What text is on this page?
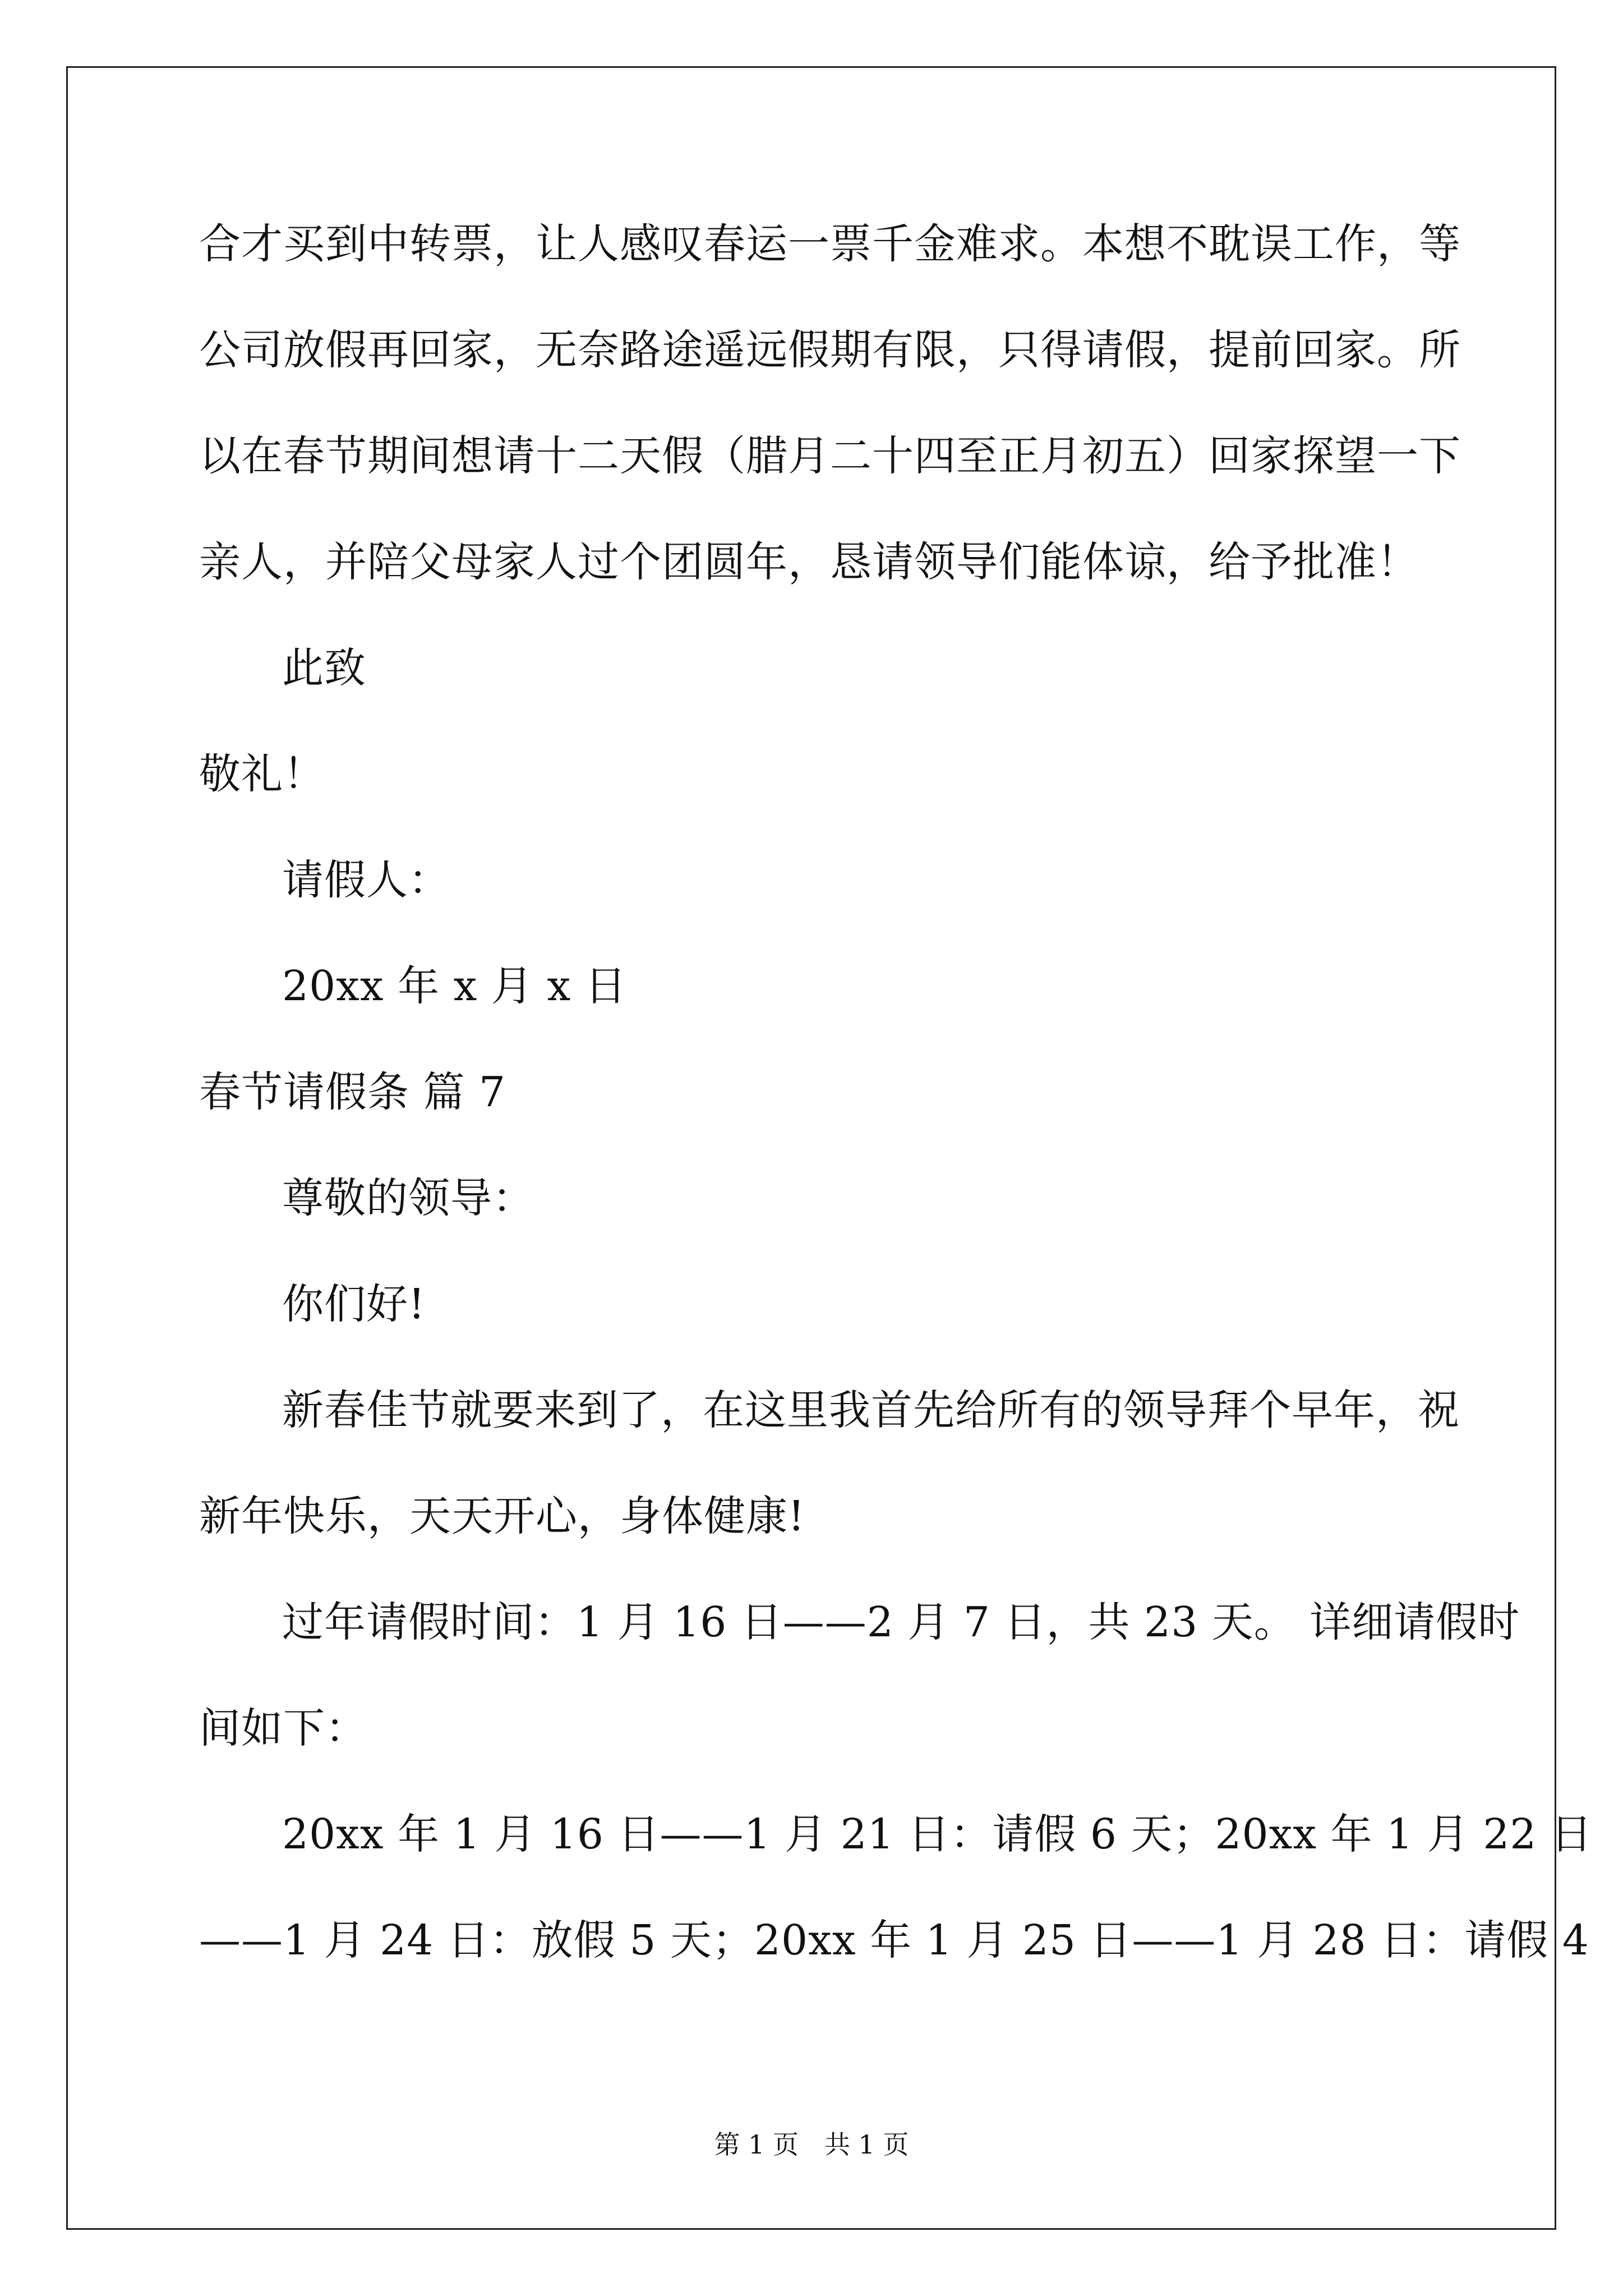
合才买到中转票，让人感叹春运一票千金难求。本想不耽误工作，等
公司放假再回家，无奈路途遥远假期有限，只得请假，提前回家。所
以在春节期间想请十二天假（腊月二十四至正月初五）回家探望一下
亲人，并陪父母家人过个团圆年，恳请领导们能体谅，给予批准！
此致
敬礼！
请假人：
20xx 年 x 月 x 日
春节请假条 篇 7
尊敬的领导：
你们好!
新春佳节就要来到了，在这里我首先给所有的领导拜个早年，祝
新年快乐，天天开心，身体健康!
过年请假时间：1 月 16 日——2 月 7 日，共 23 天。 详细请假时
间如下：
20xx 年 1 月 16 日——1 月 21 日：请假 6 天；20xx 年 1 月 22 日
——1 月 24 日：放假 5 天；20xx 年 1 月 25 日——1 月 28 日：请假 4
第 1 页　共 1 页
